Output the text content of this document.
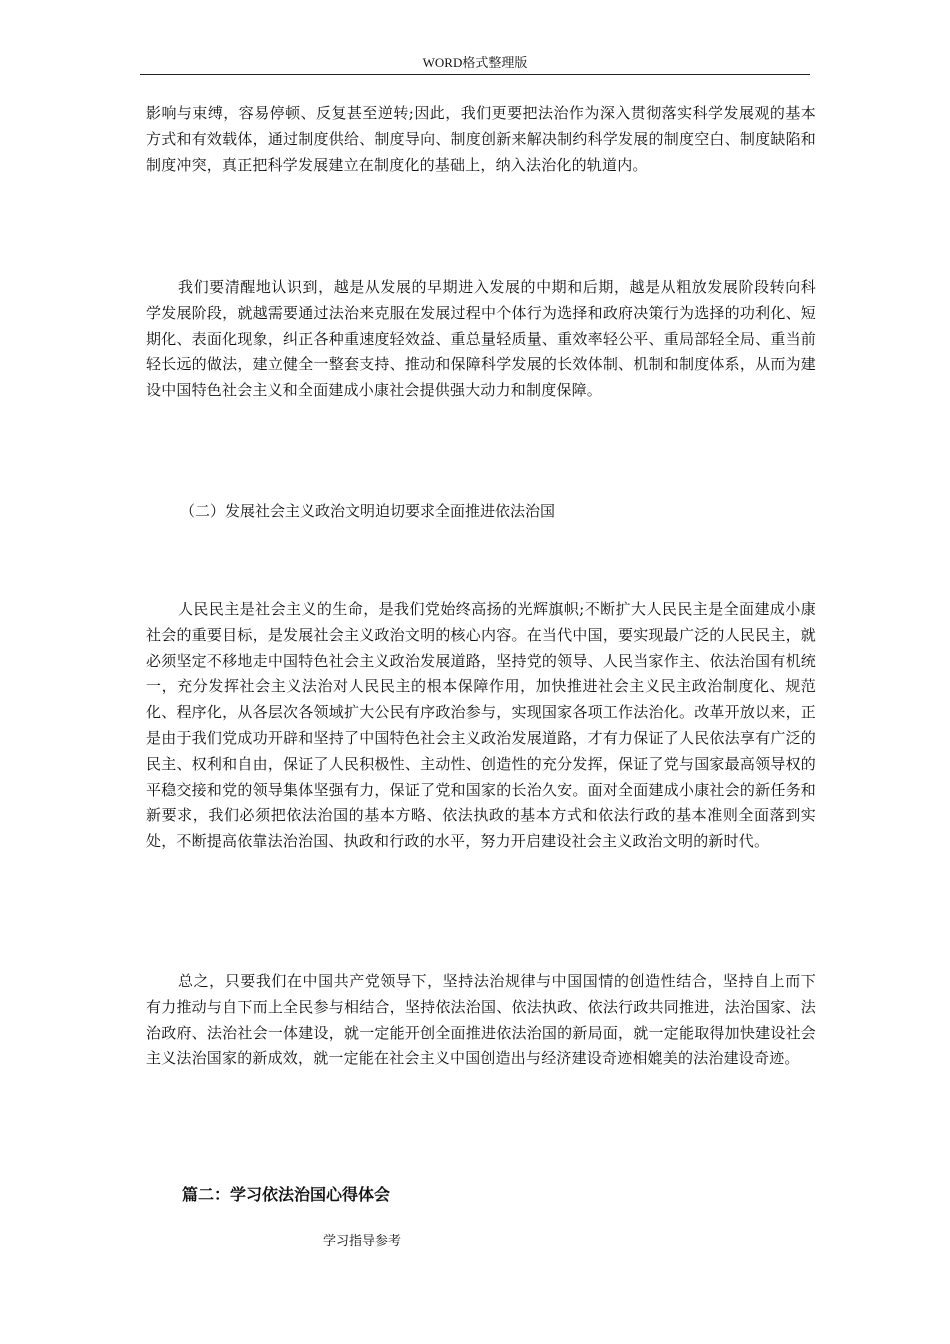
WORD格式整理版

影响与束缚，容易停顿、反复甚至逆转;因此，我们更要把法治作为深入贯彻落实科学发展观的基本方式和有效载体，通过制度供给、制度导向、制度创新来解决制约科学发展的制度空白、制度缺陷和制度冲突，真正把科学发展建立在制度化的基础上，纳入法治化的轨道内。

我们要清醒地认识到，越是从发展的早期进入发展的中期和后期，越是从粗放发展阶段转向科学发展阶段，就越需要通过法治来克服在发展过程中个体行为选择和政府决策行为选择的功利化、短期化、表面化现象，纠正各种重速度轻效益、重总量轻质量、重效率轻公平、重局部轻全局、重当前轻长远的做法，建立健全一整套支持、推动和保障科学发展的长效体制、机制和制度体系，从而为建设中国特色社会主义和全面建成小康社会提供强大动力和制度保障。

（二）发展社会主义政治文明迫切要求全面推进依法治国

人民民主是社会主义的生命，是我们党始终高扬的光辉旗帜;不断扩大人民民主是全面建成小康社会的重要目标，是发展社会主义政治文明的核心内容。在当代中国，要实现最广泛的人民民主，就必须坚定不移地走中国特色社会主义政治发展道路，坚持党的领导、人民当家作主、依法治国有机统一，充分发挥社会主义法治对人民民主的根本保障作用，加快推进社会主义民主政治制度化、规范化、程序化，从各层次各领域扩大公民有序政治参与，实现国家各项工作法治化。改革开放以来，正是由于我们党成功开辟和坚持了中国特色社会主义政治发展道路，才有力保证了人民依法享有广泛的民主、权利和自由，保证了人民积极性、主动性、创造性的充分发挥，保证了党与国家最高领导权的平稳交接和党的领导集体坚强有力，保证了党和国家的长治久安。面对全面建成小康社会的新任务和新要求，我们必须把依法治国的基本方略、依法执政的基本方式和依法行政的基本准则全面落到实处，不断提高依靠法治治国、执政和行政的水平，努力开启建设社会主义政治文明的新时代。

总之，只要我们在中国共产党领导下，坚持法治规律与中国国情的创造性结合，坚持自上而下有力推动与自下而上全民参与相结合，坚持依法治国、依法执政、依法行政共同推进，法治国家、法治政府、法治社会一体建设，就一定能开创全面推进依法治国的新局面，就一定能取得加快建设社会主义法治国家的新成效，就一定能在社会主义中国创造出与经济建设奇迹相媲美的法治建设奇迹。

篇二：学习依法治国心得体会
学习指导参考
